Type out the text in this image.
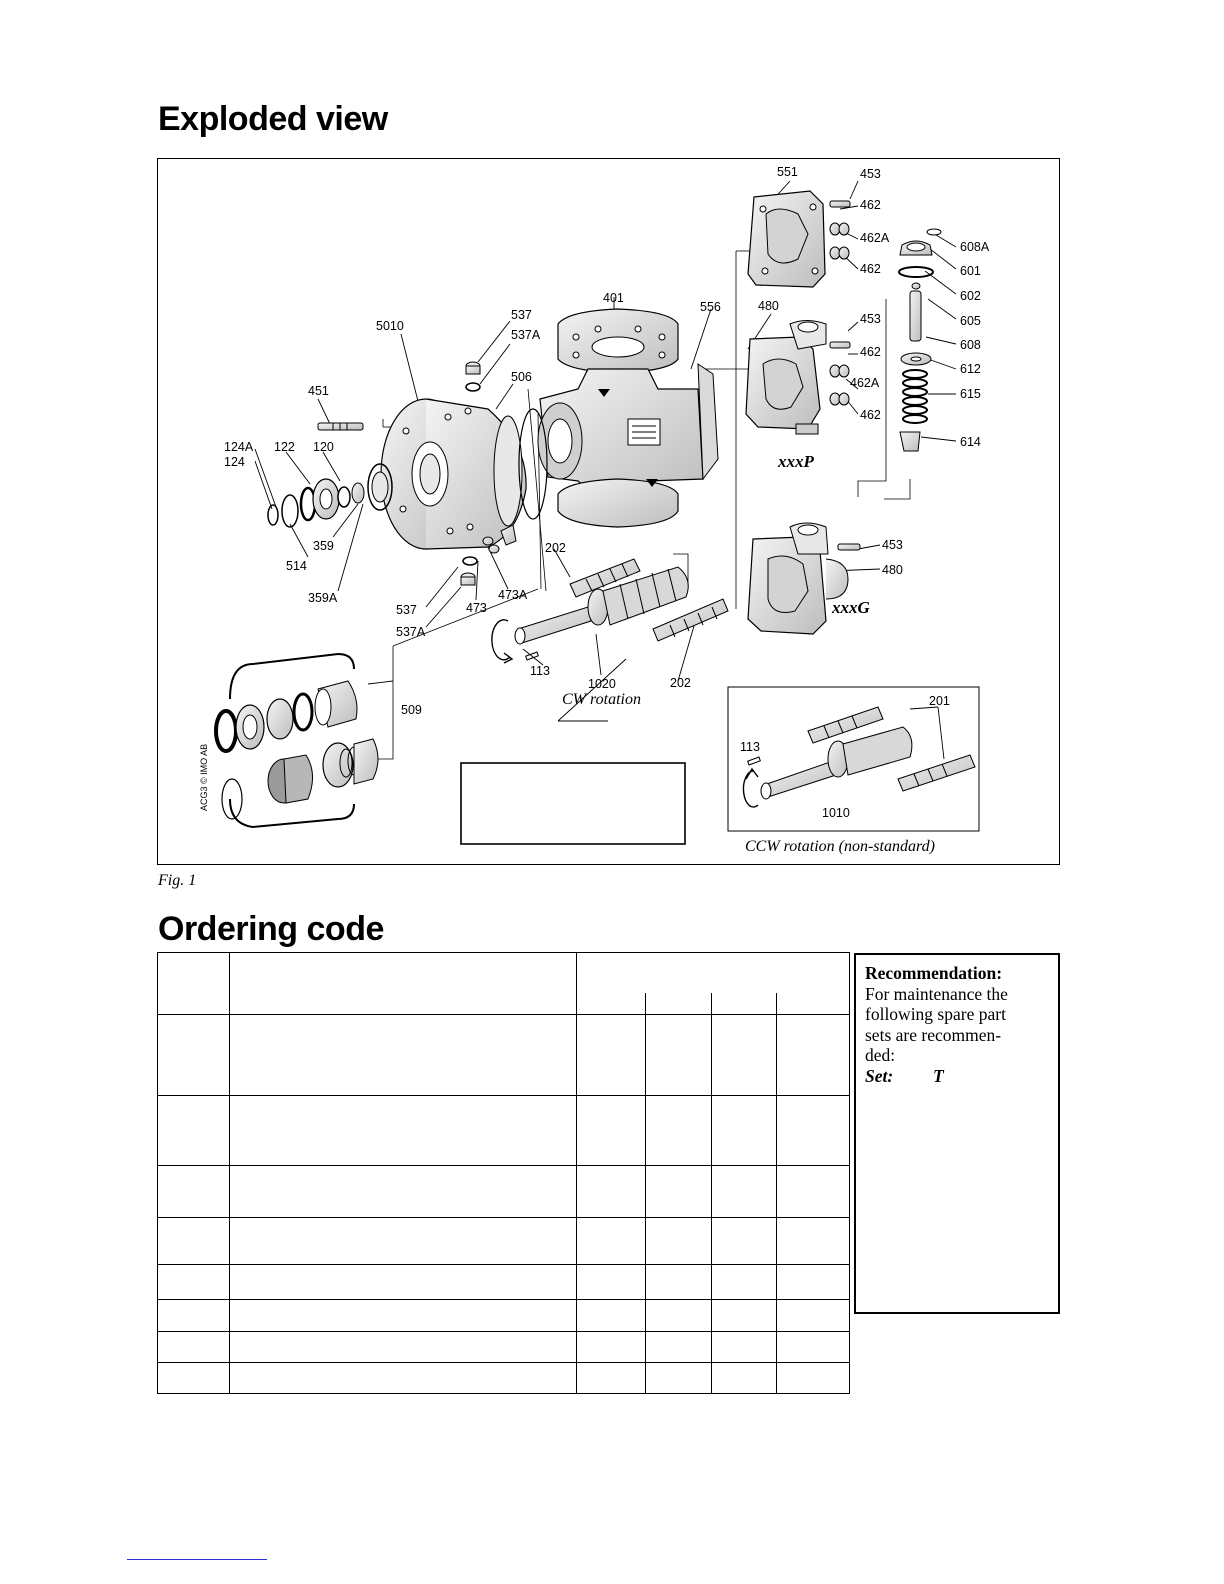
Exploded view
551	453
462
462A
462
608A
601
602
605
608
612
615
614
401
556	480
453
462
462A
462
5010
537
537A
506
451
124A
124
122 120
359
514
359A
202
537
537A
473
473A
453
480
113
1020	202
509
201
113
1010
xxxP
xxxG
CW rotation
CCW rotation (non-standard)
ACG3 © IMO AB
Fig. 1
Ordering code

Recommendation:
For maintenance the
following spare part
sets are recommen-
ded:
Set: T
